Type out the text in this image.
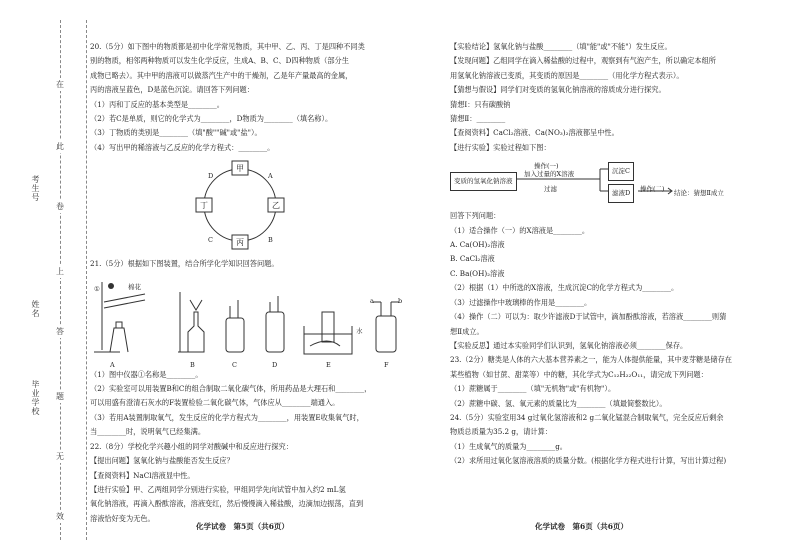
考生号
姓名
毕业学校
在
此
卷
上
答
题
无
效
20.（5分）如下图中的物质都是初中化学常见物质，其中甲、乙、丙、丁是四种不同类
别的物质，相邻两种物质可以发生化学反应，生成A、B、C、D四种物质（部分生
成物已略去）。其中甲的溶液可以做蒸汽生产中的干燥剂，乙是年产量最高的金属，
丙的溶液呈蓝色，D是蓝色沉淀。请回答下列问题：
（1）丙和丁反应的基本类型是________。
（2）若C是单质，则它的化学式为________，D物质为________（填名称）。
（3）丁物质的类别是________（填"酸""碱"或"盐"）。
（4）写出甲的稀溶液与乙反应的化学方程式：________。
甲
乙
丙
丁
A
B
C
D
21.（5分）根据如下图装置，结合所学化学知识回答问题。
棉花
①
水
a	b
A	B	C	D	E	F
（1）图中仪器①名称是________。
（2）实验室可以用装置B和C的组合制取二氧化碳气体，所用药品是大理石和________，
可以用盛有澄清石灰水的F装置检验二氧化碳气体，气体应从________端通入。
（3）若用A装置制取氧气，发生反应的化学方程式为________，用装置E收集氧气时，
当________时，说明氧气已经集满。
22.（8分）学校化学兴趣小组的同学对酸碱中和反应进行探究：
【提出问题】氢氧化钠与盐酸能否发生反应？
【查阅资料】NaCl溶液显中性。
【进行实验】甲、乙两组同学分别进行实验，甲组同学先向试管中加入约2 mL氢
氧化钠溶液，再滴入酚酞溶液，溶液变红，然后慢慢滴入稀盐酸，边滴加边振荡，直到
溶液恰好变为无色。
化学试卷　第5页（共6页）
【实验结论】氢氧化钠与盐酸________（填"能"或"不能"）发生反应。
【发现问题】乙组同学在滴入稀盐酸的过程中，观察到有气泡产生，所以确定本组所
用氢氧化钠溶液已变质，其变质的原因是________（用化学方程式表示）。
【猜想与假设】同学们对变质的氢氧化钠溶液的溶质成分进行探究。
猜想Ⅰ：只有碳酸钠
猜想Ⅱ：________
【查阅资料】CaCl₂溶液、Ca(NO₃)₂溶液都呈中性。
【进行实验】实验过程如下图：
变质的氢氧化钠溶液
操作(一)
加入过量的X溶液
过滤
沉淀C
滤液D	操作(二) 结论：猜想Ⅱ成立
回答下列问题：
（1）适合操作（一）的X溶液是________。
A. Ca(OH)₂溶液
B. CaCl₂溶液
C. Ba(OH)₂溶液
（2）根据（1）中所选的X溶液，生成沉淀C的化学方程式为________。
（3）过滤操作中玻璃棒的作用是________。
（4）操作（二）可以为：取少许滤液D于试管中，滴加酚酞溶液，若溶液________则猜
想Ⅱ成立。
【实验反思】通过本实验同学们认识到，氢氧化钠溶液必须________保存。
23.（2分）糖类是人体的六大基本营养素之一，能为人体提供能量，其中麦芽糖是储存在
某些植物（如甘蔗、甜菜等）中的糖，其化学式为C₁₂H₂₂O₁₁，请完成下列问题：
（1）蔗糖属于________（填"无机物"或"有机物"）。
（2）蔗糖中碳、氢、氧元素的质量比为________（填最简整数比）。
24.（5分）实验室用34 g过氧化氢溶液和2 g二氧化锰混合制取氧气，完全反应后剩余
物质总质量为35.2 g，请计算：
（1）生成氧气的质量为________g。
（2）求所用过氧化氢溶液溶质的质量分数。(根据化学方程式进行计算，写出计算过程)
化学试卷　第6页（共6页）
